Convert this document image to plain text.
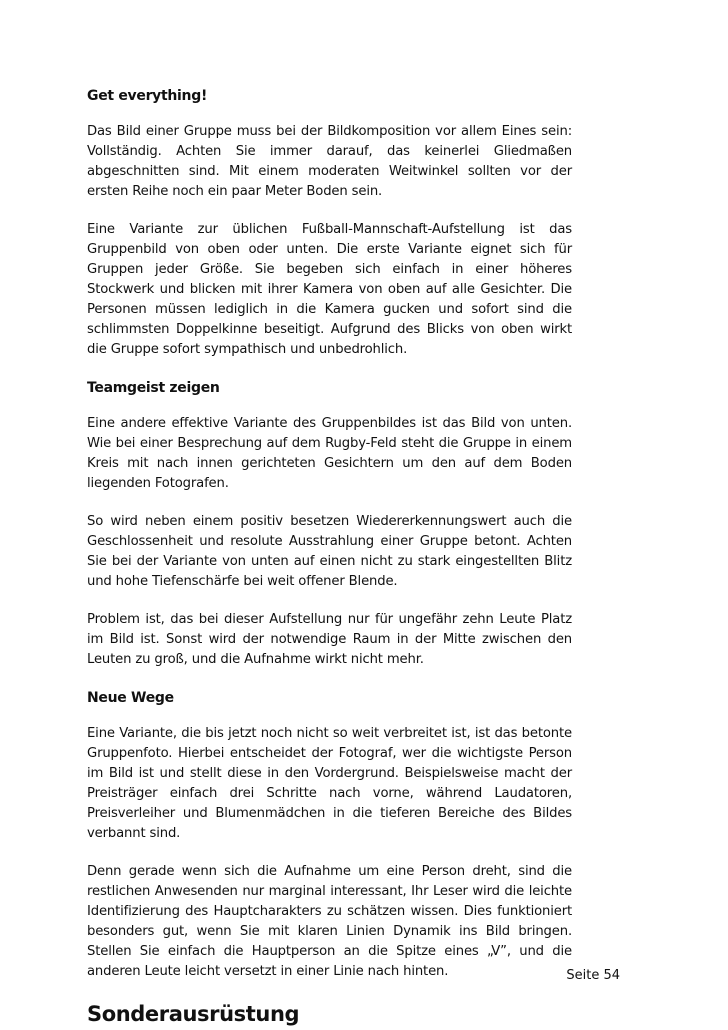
Get everything!

Das Bild einer Gruppe muss bei der Bildkomposition vor allem Eines sein: Vollständig. Achten Sie immer darauf, das keinerlei Gliedmaßen abgeschnitten sind. Mit einem moderaten Weitwinkel sollten vor der ersten Reihe noch ein paar Meter Boden sein.

Eine Variante zur üblichen Fußball-Mannschaft-Aufstellung ist das Gruppenbild von oben oder unten. Die erste Variante eignet sich für Gruppen jeder Größe. Sie begeben sich einfach in einer höheres Stockwerk und blicken mit ihrer Kamera von oben auf alle Gesichter. Die Personen müssen lediglich in die Kamera gucken und sofort sind die schlimmsten Doppelkinne beseitigt. Aufgrund des Blicks von oben wirkt die Gruppe sofort sympathisch und unbedrohlich.

Teamgeist zeigen

Eine andere effektive Variante des Gruppenbildes ist das Bild von unten. Wie bei einer Besprechung auf dem Rugby-Feld steht die Gruppe in einem Kreis mit nach innen gerichteten Gesichtern um den auf dem Boden liegenden Fotografen.

So wird neben einem positiv besetzen Wiedererkennungswert auch die Geschlossenheit und resolute Ausstrahlung einer Gruppe betont. Achten Sie bei der Variante von unten auf einen nicht zu stark eingestellten Blitz und hohe Tiefenschärfe bei weit offener Blende.

Problem ist, das bei dieser Aufstellung nur für ungefähr zehn Leute Platz im Bild ist. Sonst wird der notwendige Raum in der Mitte zwischen den Leuten zu groß, und die Aufnahme wirkt nicht mehr.

Neue Wege

Eine Variante, die bis jetzt noch nicht so weit verbreitet ist, ist das betonte Gruppenfoto. Hierbei entscheidet der Fotograf, wer die wichtigste Person im Bild ist und stellt diese in den Vordergrund. Beispielsweise macht der Preisträger einfach drei Schritte nach vorne, während Laudatoren, Preisverleiher und Blumenmädchen in die tieferen Bereiche des Bildes verbannt sind.

Denn gerade wenn sich die Aufnahme um eine Person dreht, sind die restlichen Anwesenden nur marginal interessant, Ihr Leser wird die leichte Identifizierung des Hauptcharakters zu schätzen wissen. Dies funktioniert besonders gut, wenn Sie mit klaren Linien Dynamik ins Bild bringen. Stellen Sie einfach die Hauptperson an die Spitze eines „V”, und die anderen Leute leicht versetzt in einer Linie nach hinten.

Sonderausrüstung
Seite 54
